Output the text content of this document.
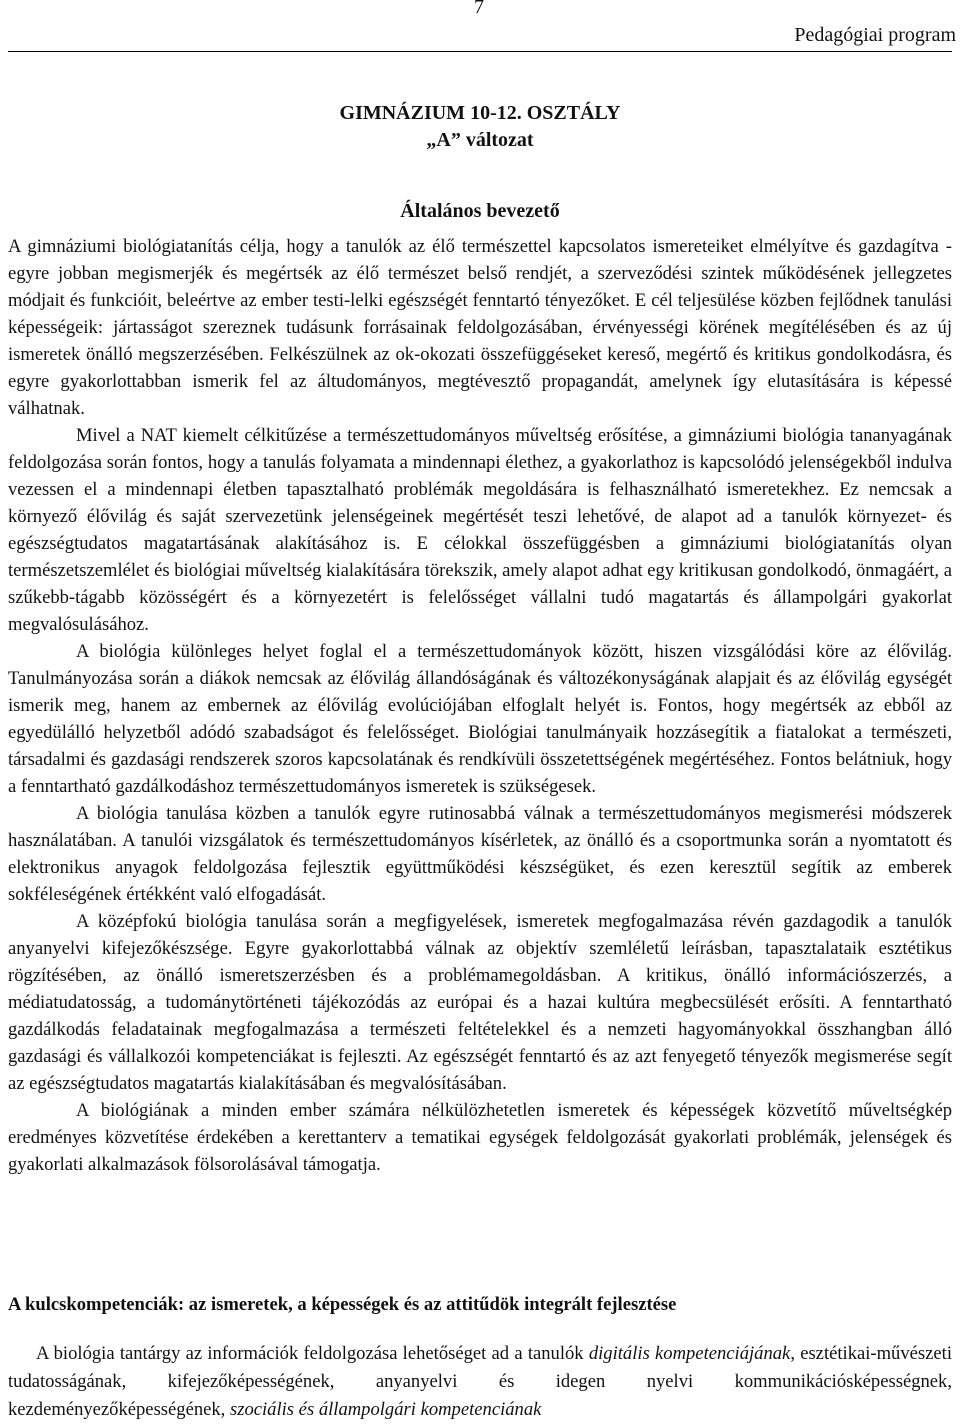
7
Pedagógiai program
GIMNÁZIUM 10-12. OSZTÁLY
„A” változat
Általános bevezető

A gimnáziumi biológiatanítás célja, hogy a tanulók az élő természettel kapcsolatos ismereteiket elmélyítve és gazdagítva - egyre jobban megismerjék és megértsék az élő természet belső rendjét, a szerveződési szintek működésének jellegzetes módjait és funkcióit, beleértve az ember testi-lelki egészségét fenntartó tényezőket. E cél teljesülése közben fejlődnek tanulási képességeik: jártasságot szereznek tudásunk forrásainak feldolgozásában, érvényességi körének megítélésében és az új ismeretek önálló megszerzésében. Felkészülnek az ok-okozati összefüggéseket kereső, megértő és kritikus gondolkodásra, és egyre gyakorlottabban ismerik fel az áltudományos, megtévesztő propagandát, amelynek így elutasítására is képessé válhatnak.

Mivel a NAT kiemelt célkitűzése a természettudományos műveltség erősítése, a gimnáziumi biológia tananyagának feldolgozása során fontos, hogy a tanulás folyamata a mindennapi élethez, a gyakorlathoz is kapcsolódó jelenségekből indulva vezessen el a mindennapi életben tapasztalható problémák megoldására is felhasználható ismeretekhez. Ez nemcsak a környező élővilág és saját szervezetünk jelenségeinek megértését teszi lehetővé, de alapot ad a tanulók környezet- és egészségtudatos magatartásának alakításához is. E célokkal összefüggésben a gimnáziumi biológiatanítás olyan természetszemlélet és biológiai műveltség kialakítására törekszik, amely alapot adhat egy kritikusan gondolkodó, önmagáért, a szűkebb-tágabb közösségért és a környezetért is felelősséget vállalni tudó magatartás és állampolgári gyakorlat megvalósulásához.

A biológia különleges helyet foglal el a természettudományok között, hiszen vizsgálódási köre az élővilág. Tanulmányozása során a diákok nemcsak az élővilág állandóságának és változékonyságának alapjait és az élővilág egységét ismerik meg, hanem az embernek az élővilág evolúciójában elfoglalt helyét is. Fontos, hogy megértsék az ebből az egyedülálló helyzetből adódó szabadságot és felelősséget. Biológiai tanulmányaik hozzásegítik a fiatalokat a természeti, társadalmi és gazdasági rendszerek szoros kapcsolatának és rendkívüli összetettségének megértéséhez. Fontos belátniuk, hogy a fenntartható gazdálkodáshoz természettudományos ismeretek is szükségesek.

A biológia tanulása közben a tanulók egyre rutinosabbá válnak a természettudományos megismerési módszerek használatában. A tanulói vizsgálatok és természettudományos kísérletek, az önálló és a csoportmunka során a nyomtatott és elektronikus anyagok feldolgozása fejlesztik együttműködési készségüket, és ezen keresztül segítik az emberek sokféleségének értékként való elfogadását.

A középfokú biológia tanulása során a megfigyelések, ismeretek megfogalmazása révén gazdagodik a tanulók anyanyelvi kifejezőkészsége. Egyre gyakorlottabbá válnak az objektív szemléletű leírásban, tapasztalataik esztétikus rögzítésében, az önálló ismeretszerzésben és a problémamegoldásban. A kritikus, önálló információszerzés, a médiatudatosság, a tudománytörténeti tájékozódás az európai és a hazai kultúra megbecsülését erősíti. A fenntartható gazdálkodás feladatainak megfogalmazása a természeti feltételekkel és a nemzeti hagyományokkal összhangban álló gazdasági és vállalkozói kompetenciákat is fejleszti. Az egészségét fenntartó és az azt fenyegető tényezők megismerése segít az egészségtudatos magatartás kialakításában és megvalósításában.

A biológiának a minden ember számára nélkülözhetetlen ismeretek és képességek közvetítő műveltségkép eredményes közvetítése érdekében a kerettanterv a tematikai egységek feldolgozását gyakorlati problémák, jelenségek és gyakorlati alkalmazások fölsorolásával támogatja.

A kulcskompetenciák: az ismeretek, a képességek és az attitűdök integrált fejlesztése

A biológia tantárgy az információk feldolgozása lehetőséget ad a tanulók digitális kompetenciájának, esztétikai-művészeti tudatosságának, kifejezőképességének, anyanyelvi és idegen nyelvi kommunikációsképességnek, kezdeményezőképességének, szociális és állampolgári kompetenciának
